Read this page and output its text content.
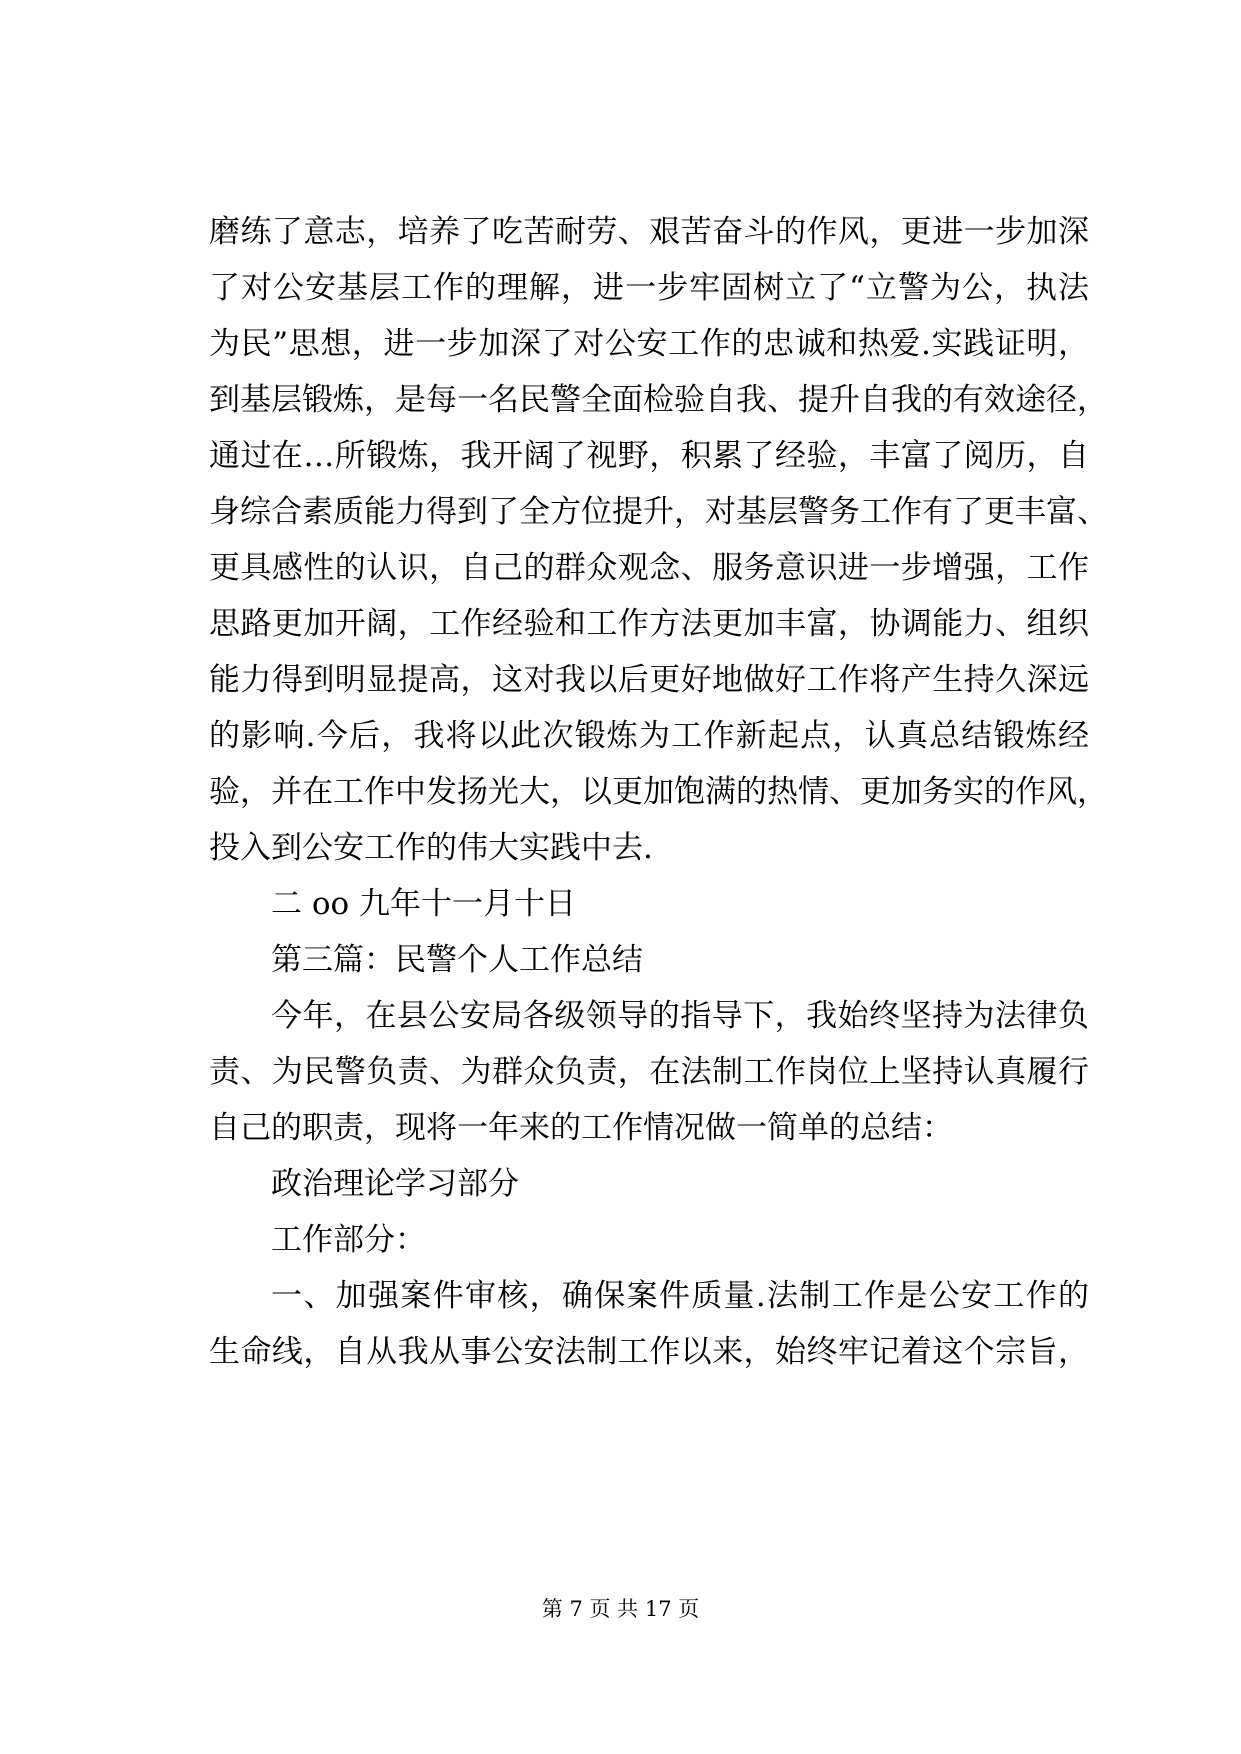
磨练了意志，培养了吃苦耐劳、艰苦奋斗的作风，更进一步加深
了对公安基层工作的理解，进一步牢固树立了“立警为公，执法
为民”思想，进一步加深了对公安工作的忠诚和热爱.实践证明，
到基层锻炼，是每一名民警全面检验自我、提升自我的有效途径，
通过在…所锻炼，我开阔了视野，积累了经验，丰富了阅历，自
身综合素质能力得到了全方位提升，对基层警务工作有了更丰富、
更具感性的认识，自己的群众观念、服务意识进一步增强，工作
思路更加开阔，工作经验和工作方法更加丰富，协调能力、组织
能力得到明显提高，这对我以后更好地做好工作将产生持久深远
的影响.今后，我将以此次锻炼为工作新起点，认真总结锻炼经
验，并在工作中发扬光大，以更加饱满的热情、更加务实的作风，
投入到公安工作的伟大实践中去.
二 oo 九年十一月十日
第三篇：民警个人工作总结
今年，在县公安局各级领导的指导下，我始终坚持为法律负
责、为民警负责、为群众负责，在法制工作岗位上坚持认真履行
自己的职责，现将一年来的工作情况做一简单的总结：
政治理论学习部分
工作部分：
一、加强案件审核，确保案件质量.法制工作是公安工作的
生命线，自从我从事公安法制工作以来，始终牢记着这个宗旨，
第 7 页 共 17 页
